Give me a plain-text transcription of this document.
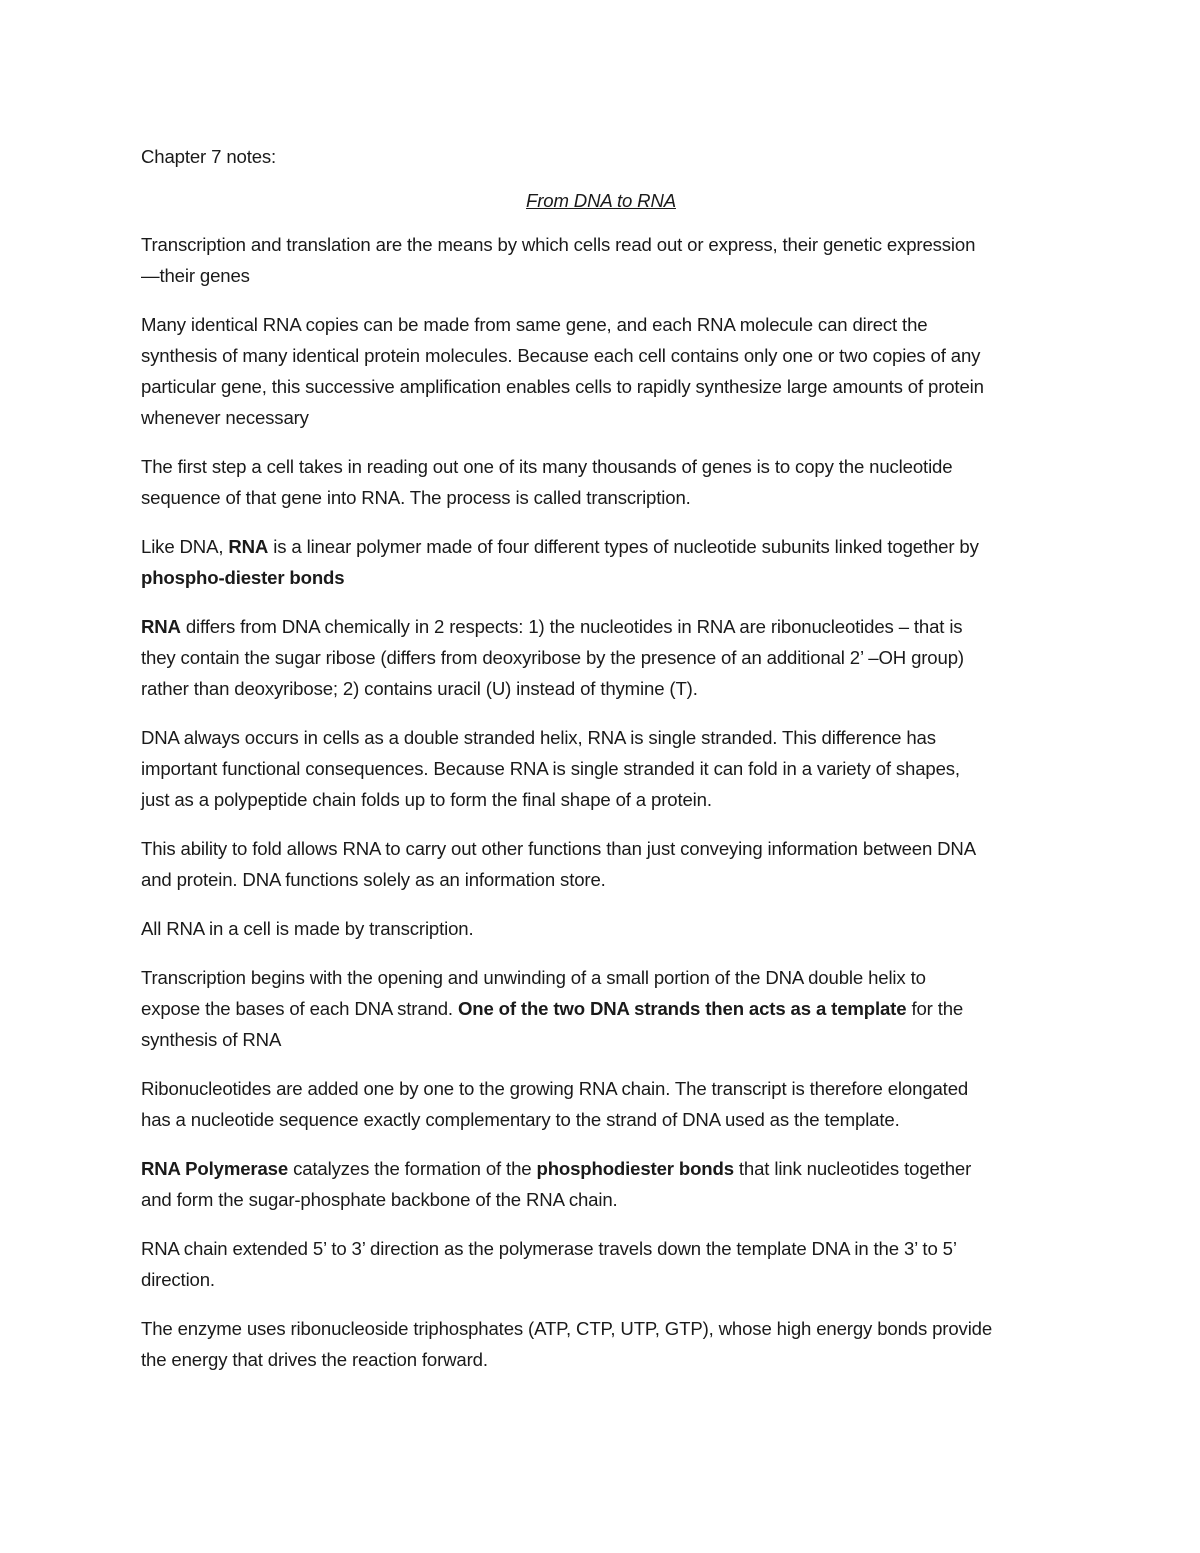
Chapter 7 notes:
From DNA to RNA
Transcription and translation are the means by which cells read out or express, their genetic expression
—their genes
Many identical RNA copies can be made from same gene, and each RNA molecule can direct the
synthesis of many identical protein molecules. Because each cell contains only one or two copies of any
particular gene, this successive amplification enables cells to rapidly synthesize large amounts of protein
whenever necessary
The first step a cell takes in reading out one of its many thousands of genes is to copy the nucleotide
sequence of that gene into RNA. The process is called transcription.
Like DNA, RNA is a linear polymer made of four different types of nucleotide subunits linked together by
phospho-diester bonds
RNA differs from DNA chemically in 2 respects: 1) the nucleotides in RNA are ribonucleotides – that is
they contain the sugar ribose (differs from deoxyribose by the presence of an additional 2’ –OH group)
rather than deoxyribose; 2) contains uracil (U) instead of thymine (T).
DNA always occurs in cells as a double stranded helix, RNA is single stranded. This difference has
important functional consequences. Because RNA is single stranded it can fold in a variety of shapes,
just as a polypeptide chain folds up to form the final shape of a protein.
This ability to fold allows RNA to carry out other functions than just conveying information between DNA
and protein. DNA functions solely as an information store.
All RNA in a cell is made by transcription.
Transcription begins with the opening and unwinding of a small portion of the DNA double helix to
expose the bases of each DNA strand. One of the two DNA strands then acts as a template for the
synthesis of RNA
Ribonucleotides are added one by one to the growing RNA chain. The transcript is therefore elongated
has a nucleotide sequence exactly complementary to the strand of DNA used as the template.
RNA Polymerase catalyzes the formation of the phosphodiester bonds that link nucleotides together
and form the sugar-phosphate backbone of the RNA chain.
RNA chain extended 5’ to 3’ direction as the polymerase travels down the template DNA in the 3’ to 5’
direction.
The enzyme uses ribonucleoside triphosphates (ATP, CTP, UTP, GTP), whose high energy bonds provide
the energy that drives the reaction forward.
